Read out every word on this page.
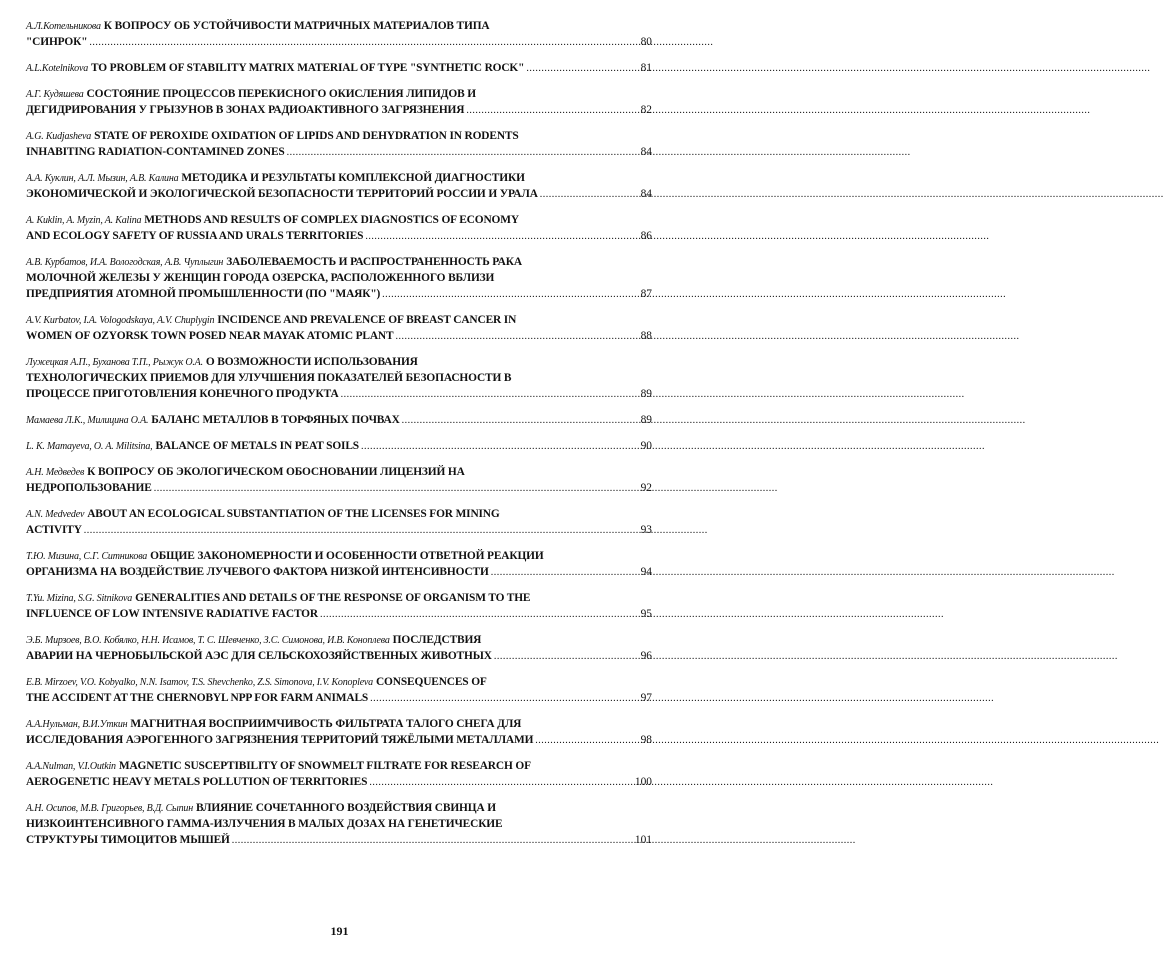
А.Л.Котельникова К ВОПРОСУ ОБ УСТОЙЧИВОСТИ МАТРИЧНЫХ МАТЕРИАЛОВ ТИПА
"СИНРОК" .....	80
A.L.Kotelnikova TO PROBLEM OF STABILITY MATRIX MATERIAL OF TYPE "SYNTHETIC ROCK" .....	81
А.Г. Кудяшева СОСТОЯНИЕ ПРОЦЕССОВ ПЕРЕКИСНОГО ОКИСЛЕНИЯ ЛИПИДОВ И
ДЕГИДРИРОВАНИЯ У ГРЫЗУНОВ В ЗОНАХ РАДИОАКТИВНОГО ЗАГРЯЗНЕНИЯ .....	82
A.G. Kudjasheva STATE OF PEROXIDE OXIDATION OF LIPIDS AND DEHYDRATION IN RODENTS
INHABITING RADIATION-CONTAMINED ZONES .....	84
А.А. Куклин, А.Л. Мызин, А.В. Калина МЕТОДИКА И РЕЗУЛЬТАТЫ КОМПЛЕКСНОЙ ДИАГНОСТИКИ
ЭКОНОМИЧЕСКОЙ И ЭКОЛОГИЧЕСКОЙ БЕЗОПАСНОСТИ ТЕРРИТОРИЙ РОССИИ И УРАЛА .....	84
A. Kuklin, A. Myzin, A. Kalina METHODS AND RESULTS OF COMPLEX DIAGNOSTICS OF ECONOMY
AND ECOLOGY SAFETY OF RUSSIA AND URALS TERRITORIES .....	86
А.В. Курбатов, И.А. Вологодская, А.В. Чуплыгин ЗАБОЛЕВАЕМОСТЬ И РАСПРОСТРАНЕННОСТЬ РАКА
МОЛОЧНОЙ ЖЕЛЕЗЫ У ЖЕНЩИН ГОРОДА ОЗЕРСКА, РАСПОЛОЖЕННОГО ВБЛИЗИ
ПРЕДПРИЯТИЯ АТОМНОЙ ПРОМЫШЛЕННОСТИ (ПО "МАЯК") .....	87
A.V. Kurbatov, I.A. Vologodskaya, A.V. Chuplygin INCIDENCE AND PREVALENCE OF BREAST CANCER IN
WOMEN OF OZYORSK TOWN POSED NEAR MAYAK ATOMIC PLANT .....	88
Лужецкая А.П., Буханова Т.П., Рыжук О.А. О ВОЗМОЖНОСТИ ИСПОЛЬЗОВАНИЯ
ТЕХНОЛОГИЧЕСКИХ ПРИЕМОВ ДЛЯ УЛУЧШЕНИЯ ПОКАЗАТЕЛЕЙ БЕЗОПАСНОСТИ В
ПРОЦЕССЕ ПРИГОТОВЛЕНИЯ КОНЕЧНОГО ПРОДУКТА .....	89
Мамаева Л.К., Милицина О.А. БАЛАНС МЕТАЛЛОВ В ТОРФЯНЫХ ПОЧВАХ .....	89
L. K. Mamayeva, O. A. Militsina, BALANCE OF METALS IN PEAT SOILS .....	90
А.Н. Медведев К ВОПРОСУ ОБ ЭКОЛОГИЧЕСКОМ ОБОСНОВАНИИ ЛИЦЕНЗИЙ НА
НЕДРОПОЛЬЗОВАНИЕ .....	92
A.N. Medvedev ABOUT AN ECOLOGICAL SUBSTANTIATION OF THE LICENSES FOR MINING
ACTIVITY .....	93
Т.Ю. Мизина, С.Г. Ситникова ОБЩИЕ ЗАКОНОМЕРНОСТИ И ОСОБЕННОСТИ ОТВЕТНОЙ РЕАКЦИИ
ОРГАНИЗМА НА ВОЗДЕЙСТВИЕ ЛУЧЕВОГО ФАКТОРА НИЗКОЙ ИНТЕНСИВНОСТИ .....	94
T.Yu. Mizina, S.G. Sitnikova GENERALITIES AND DETAILS OF THE RESPONSE OF ORGANISM TO THE
INFLUENCE OF LOW INTENSIVE RADIATIVE FACTOR .....	95
Э.Б. Мирзоев, В.О. Кобялко, Н.Н. Исамов, Т. С. Шевченко, З.С. Симонова, И.В. Коноплева ПОСЛЕДСТВИЯ
АВАРИИ НА ЧЕРНОБЫЛЬСКОЙ АЭС ДЛЯ СЕЛЬСКОХОЗЯЙСТВЕННЫХ ЖИВОТНЫХ .....	96
E.B. Mirzoev, V.O. Kobyalko, N.N. Isamov, T.S. Shevchenko, Z.S. Simonova, I.V. Konopleva CONSEQUENCES OF
THE ACCIDENT AT THE CHERNOBYL NPP FOR FARM ANIMALS .....	97
А.А.Нульман, В.И.Уткин МАГНИТНАЯ ВОСПРИИМЧИВОСТЬ ФИЛЬТРАТА ТАЛОГО СНЕГА ДЛЯ
ИССЛЕДОВАНИЯ АЭРОГЕННОГО ЗАГРЯЗНЕНИЯ ТЕРРИТОРИЙ ТЯЖЁЛЫМИ МЕТАЛЛАМИ .....	98
A.A.Nulman, V.I.Outkin MAGNETIC SUSCEPTIBILITY OF SNOWMELT FILTRATE FOR RESEARCH OF
AEROGENETIC HEAVY METALS POLLUTION OF TERRITORIES .....	100
А.Н. Осипов, М.В. Григорьев, В.Д. Сыпин ВЛИЯНИЕ СОЧЕТАННОГО ВОЗДЕЙСТВИЯ СВИНЦА И
НИЗКОИНТЕНСИВНОГО ГАММА-ИЗЛУЧЕНИЯ В МАЛЫХ ДОЗАХ НА ГЕНЕТИЧЕСКИЕ
СТРУКТУРЫ ТИМОЦИТОВ МЫШЕЙ .....	101
191
